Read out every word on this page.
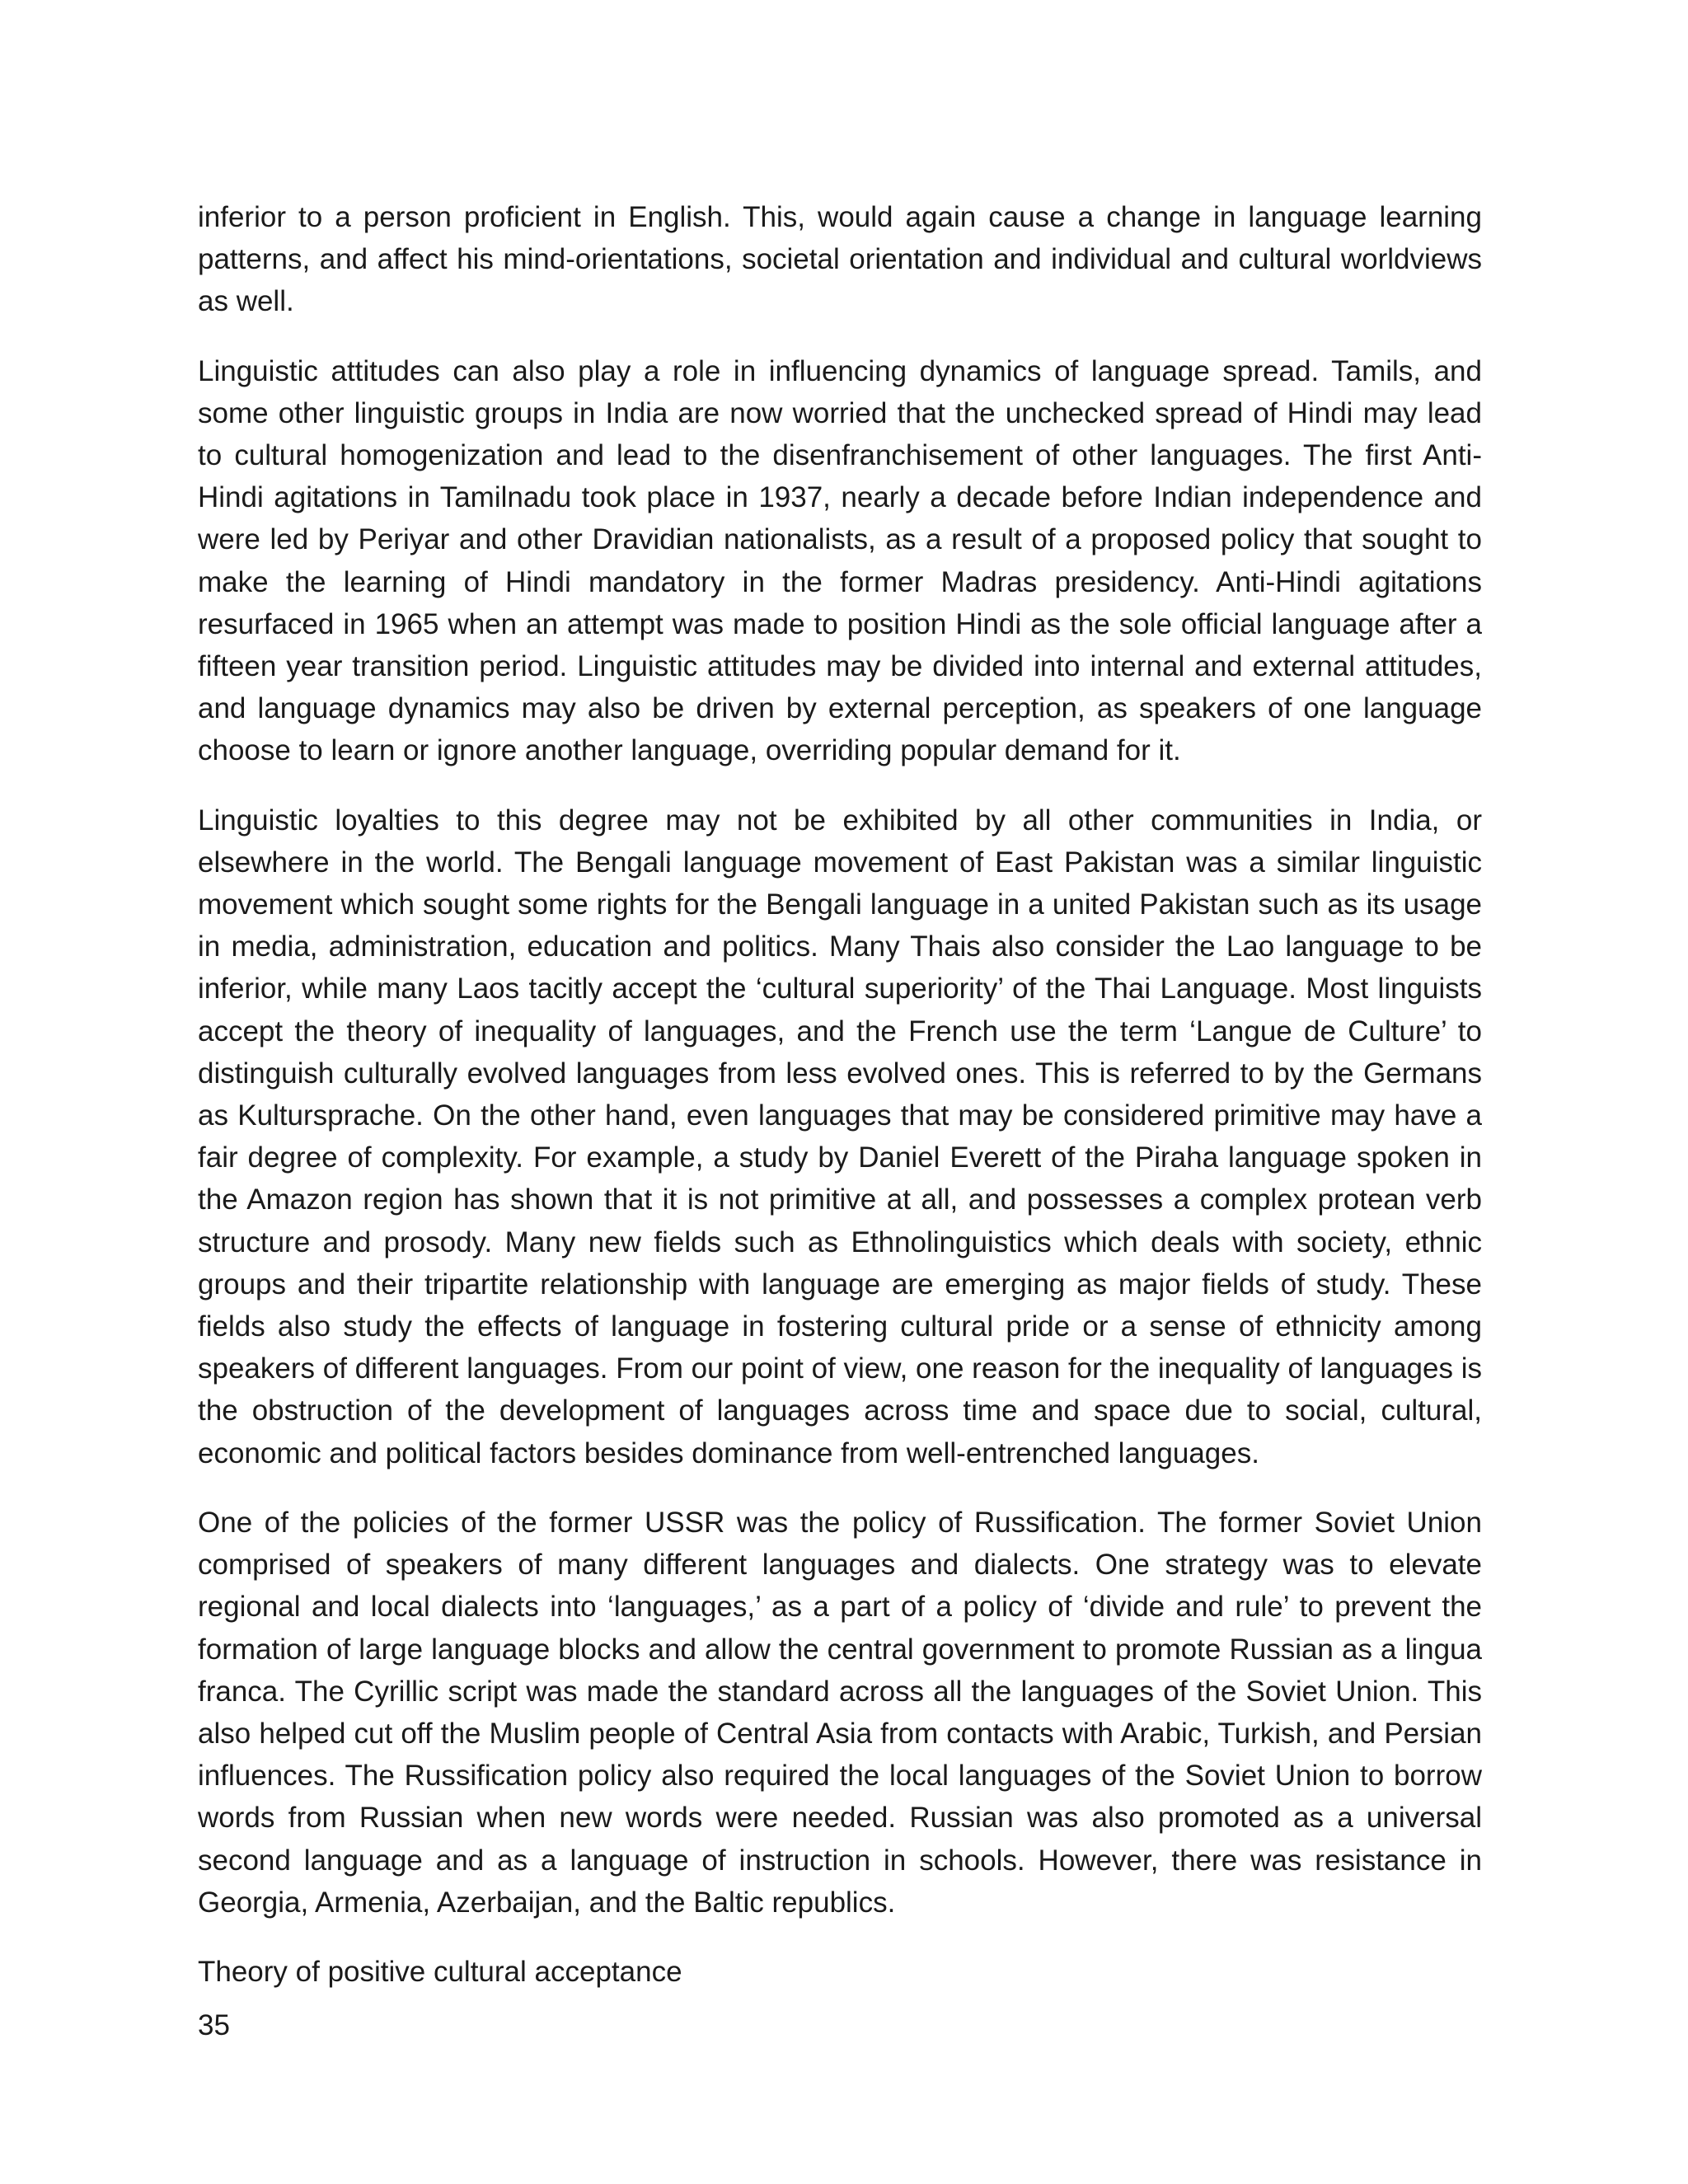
inferior to a person proficient in English. This, would again cause a change in language learning patterns, and affect his mind-orientations, societal orientation and individual and cultural worldviews as well.

Linguistic attitudes can also play a role in influencing dynamics of language spread. Tamils, and some other linguistic groups in India are now worried that the unchecked spread of Hindi may lead to cultural homogenization and lead to the disenfranchisement of other languages. The first Anti-Hindi agitations in Tamilnadu took place in 1937, nearly a decade before Indian independence and were led by Periyar and other Dravidian nationalists, as a result of a proposed policy that sought to make the learning of Hindi mandatory in the former Madras presidency. Anti-Hindi agitations resurfaced in 1965 when an attempt was made to position Hindi as the sole official language after a fifteen year transition period. Linguistic attitudes may be divided into internal and external attitudes, and language dynamics may also be driven by external perception, as speakers of one language choose to learn or ignore another language, overriding popular demand for it.

Linguistic loyalties to this degree may not be exhibited by all other communities in India, or elsewhere in the world. The Bengali language movement of East Pakistan was a similar linguistic movement which sought some rights for the Bengali language in a united Pakistan such as its usage in media, administration, education and politics. Many Thais also consider the Lao language to be inferior, while many Laos tacitly accept the ‘cultural superiority’ of the Thai Language. Most linguists accept the theory of inequality of languages, and the French use the term ‘Langue de Culture’ to distinguish culturally evolved languages from less evolved ones. This is referred to by the Germans as Kultursprache. On the other hand, even languages that may be considered primitive may have a fair degree of complexity. For example, a study by Daniel Everett of the Piraha language spoken in the Amazon region has shown that it is not primitive at all, and possesses a complex protean verb structure and prosody. Many new fields such as Ethnolinguistics which deals with society, ethnic groups and their tripartite relationship with language are emerging as major fields of study. These fields also study the effects of language in fostering cultural pride or a sense of ethnicity among speakers of different languages. From our point of view, one reason for the inequality of languages is the obstruction of the development of languages across time and space due to social, cultural, economic and political factors besides dominance from well-entrenched languages.

One of the policies of the former USSR was the policy of Russification. The former Soviet Union comprised of speakers of many different languages and dialects. One strategy was to elevate regional and local dialects into ‘languages,’ as a part of a policy of ‘divide and rule’ to prevent the formation of large language blocks and allow the central government to promote Russian as a lingua franca. The Cyrillic script was made the standard across all the languages of the Soviet Union. This also helped cut off the Muslim people of Central Asia from contacts with Arabic, Turkish, and Persian influences. The Russification policy also required the local languages of the Soviet Union to borrow words from Russian when new words were needed. Russian was also promoted as a universal second language and as a language of instruction in schools. However, there was resistance in Georgia, Armenia, Azerbaijan, and the Baltic republics.

Theory of positive cultural acceptance

35
